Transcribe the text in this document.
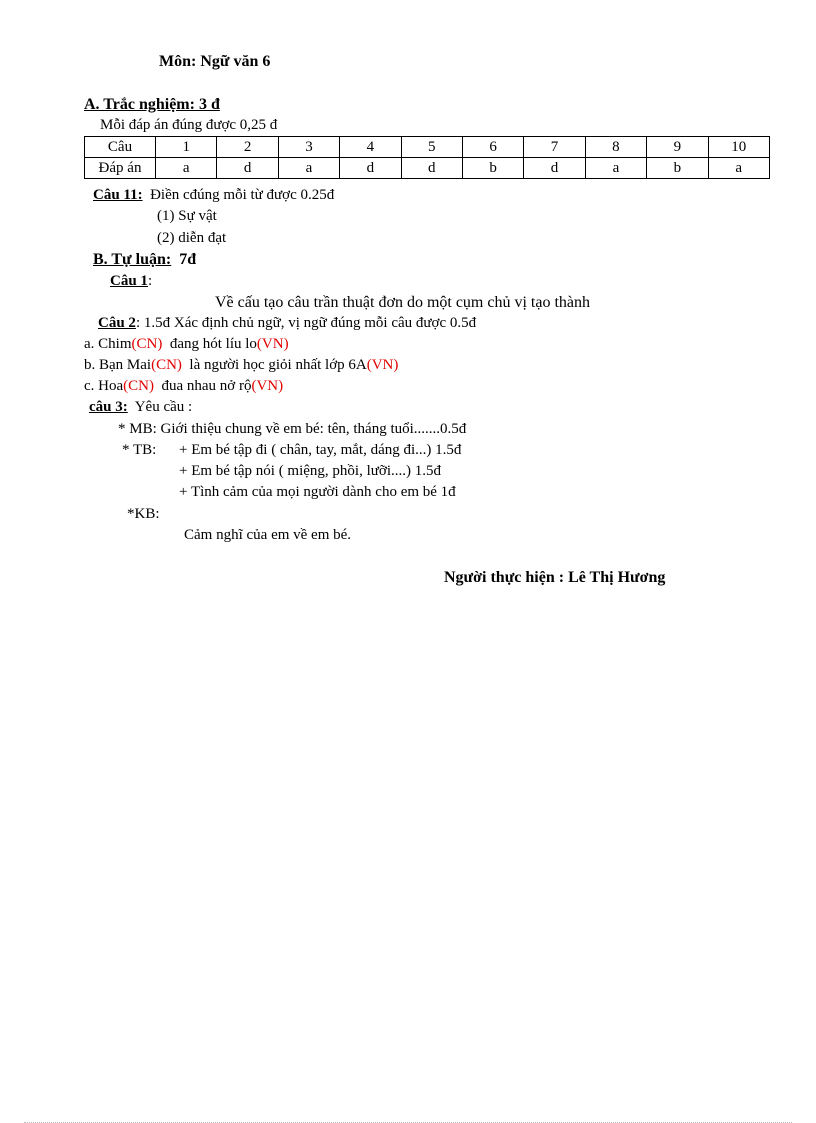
Môn: Ngữ văn 6
A. Trắc nghiệm: 3 đ
Mỗi đáp án đúng được 0,25 đ
Câu	1	2	3	4	5	6	7	8	9	10
Đáp án	a	d	a	d	d	b	d	a	b	a
Câu 11: Điền cđúng mỗi từ được 0.25đ
(1) Sự vật
(2) diễn đạt
B. Tự luận: 7đ
Câu 1:
Về cấu tạo câu trần thuật đơn do một cụm chủ vị tạo thành
Câu 2: 1.5đ Xác định chủ ngữ, vị ngữ đúng mỗi câu được 0.5đ
a. Chim(CN) đang hót líu lo(VN)
b. Bạn Mai(CN) là người học giỏi nhất lớp 6A(VN)
c. Hoa(CN) đua nhau nở rộ(VN)
câu 3: Yêu cầu :
* MB: Giới thiệu chung về em bé: tên, tháng tuổi.......0.5đ
* TB: + Em bé tập đi ( chân, tay, mắt, dáng đi...) 1.5đ
+ Em bé tập nói ( miệng, phồi, lưỡi....) 1.5đ
+ Tình cảm của mọi người dành cho em bé 1đ
*KB:
Cảm nghĩ của em về em bé.
Người thực hiện : Lê Thị Hương
